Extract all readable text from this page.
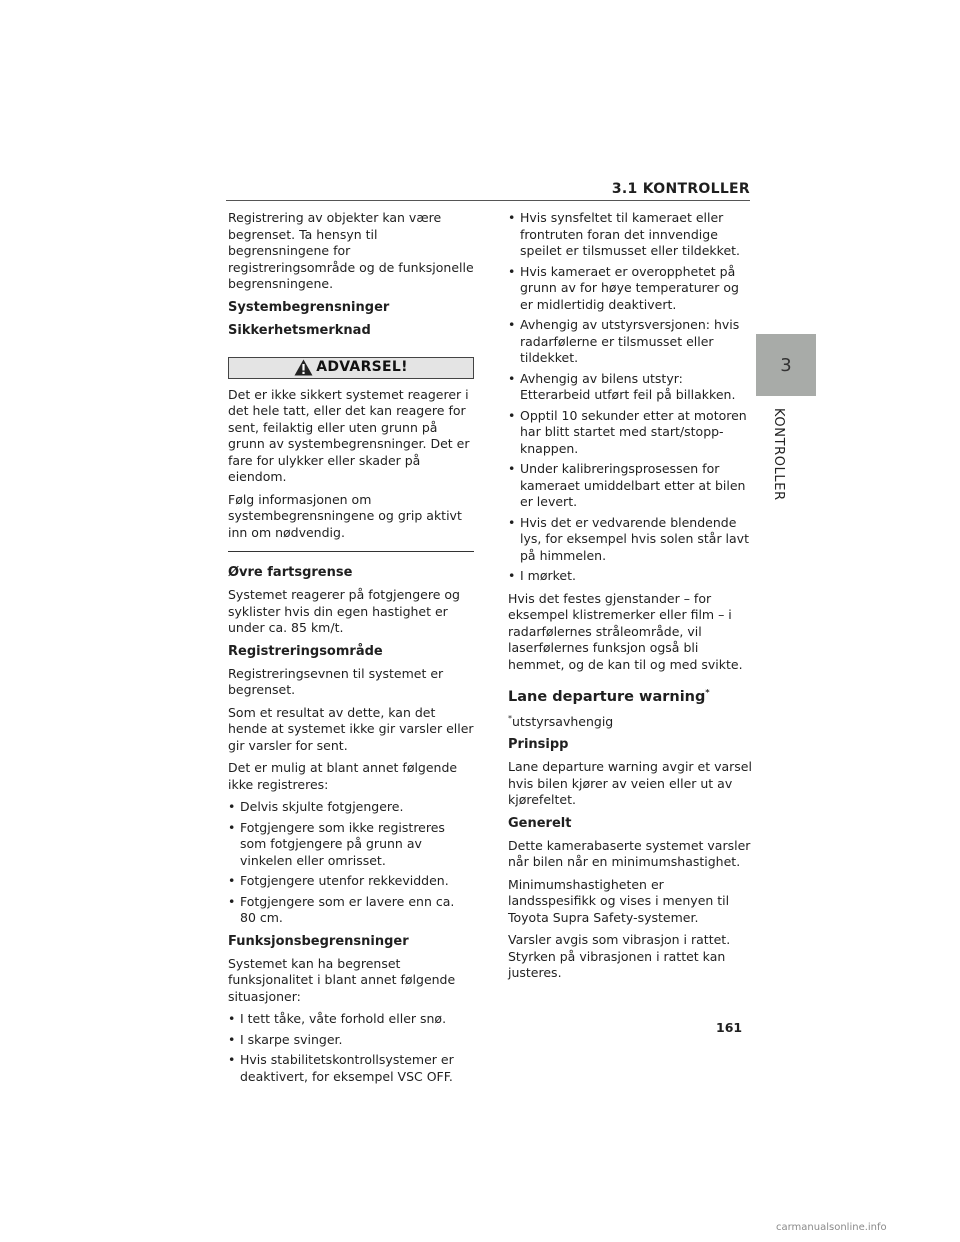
3.1 KONTROLLER
3
KONTROLLER

Registrering av objekter kan være begrenset. Ta hensyn til begrensningene for registreringsområde og de funksjonelle begrensningene.

Systembegrensninger
Sikkerhetsmerknad
ADVARSEL!

Det er ikke sikkert systemet reagerer i det hele tatt, eller det kan reagere for sent, feilaktig eller uten grunn på grunn av systembegrensninger. Det er fare for ulykker eller skader på eiendom.

Følg informasjonen om systembegrensningene og grip aktivt inn om nødvendig.

Øvre fartsgrense

Systemet reagerer på fotgjengere og syklister hvis din egen hastighet er under ca. 85 km/t.

Registreringsområde

Registreringsevnen til systemet er begrenset.

Som et resultat av dette, kan det hende at systemet ikke gir varsler eller gir varsler for sent.

Det er mulig at blant annet følgende ikke registreres:

• Delvis skjulte fotgjengere.
• Fotgjengere som ikke registreres som fotgjengere på grunn av vinkelen eller omrisset.
• Fotgjengere utenfor rekkevidden.
• Fotgjengere som er lavere enn ca. 80 cm.
Funksjonsbegrensninger

Systemet kan ha begrenset funksjonalitet i blant annet følgende situasjoner:

• I tett tåke, våte forhold eller snø.
• I skarpe svinger.
• Hvis stabilitetskontrollsystemer er deaktivert, for eksempel VSC OFF.
• Hvis synsfeltet til kameraet eller frontruten foran det innvendige speilet er tilsmusset eller tildekket.
• Hvis kameraet er overopphetet på grunn av for høye temperaturer og er midlertidig deaktivert.
• Avhengig av utstyrsversjonen: hvis radarfølerne er tilsmusset eller tildekket.
• Avhengig av bilens utstyr: Etterarbeid utført feil på billakken.
• Opptil 10 sekunder etter at motoren har blitt startet med start/stopp-knappen.
• Under kalibreringsprosessen for kameraet umiddelbart etter at bilen er levert.
• Hvis det er vedvarende blendende lys, for eksempel hvis solen står lavt på himmelen.
• I mørket.

Hvis det festes gjenstander – for eksempel klistremerker eller film – i radarfølernes stråleområde, vil laserfølernes funksjon også bli hemmet, og de kan til og med svikte.

Lane departure warning*

*utstyrsavhengig

Prinsipp

Lane departure warning avgir et varsel hvis bilen kjører av veien eller ut av kjørefeltet.

Generelt

Dette kamerabaserte systemet varsler når bilen når en minimumshastighet.

Minimumshastigheten er landsspesifikk og vises i menyen til Toyota Supra Safety-systemer.

Varsler avgis som vibrasjon i rattet. Styrken på vibrasjonen i rattet kan justeres.

161
carmanualsonline.info
